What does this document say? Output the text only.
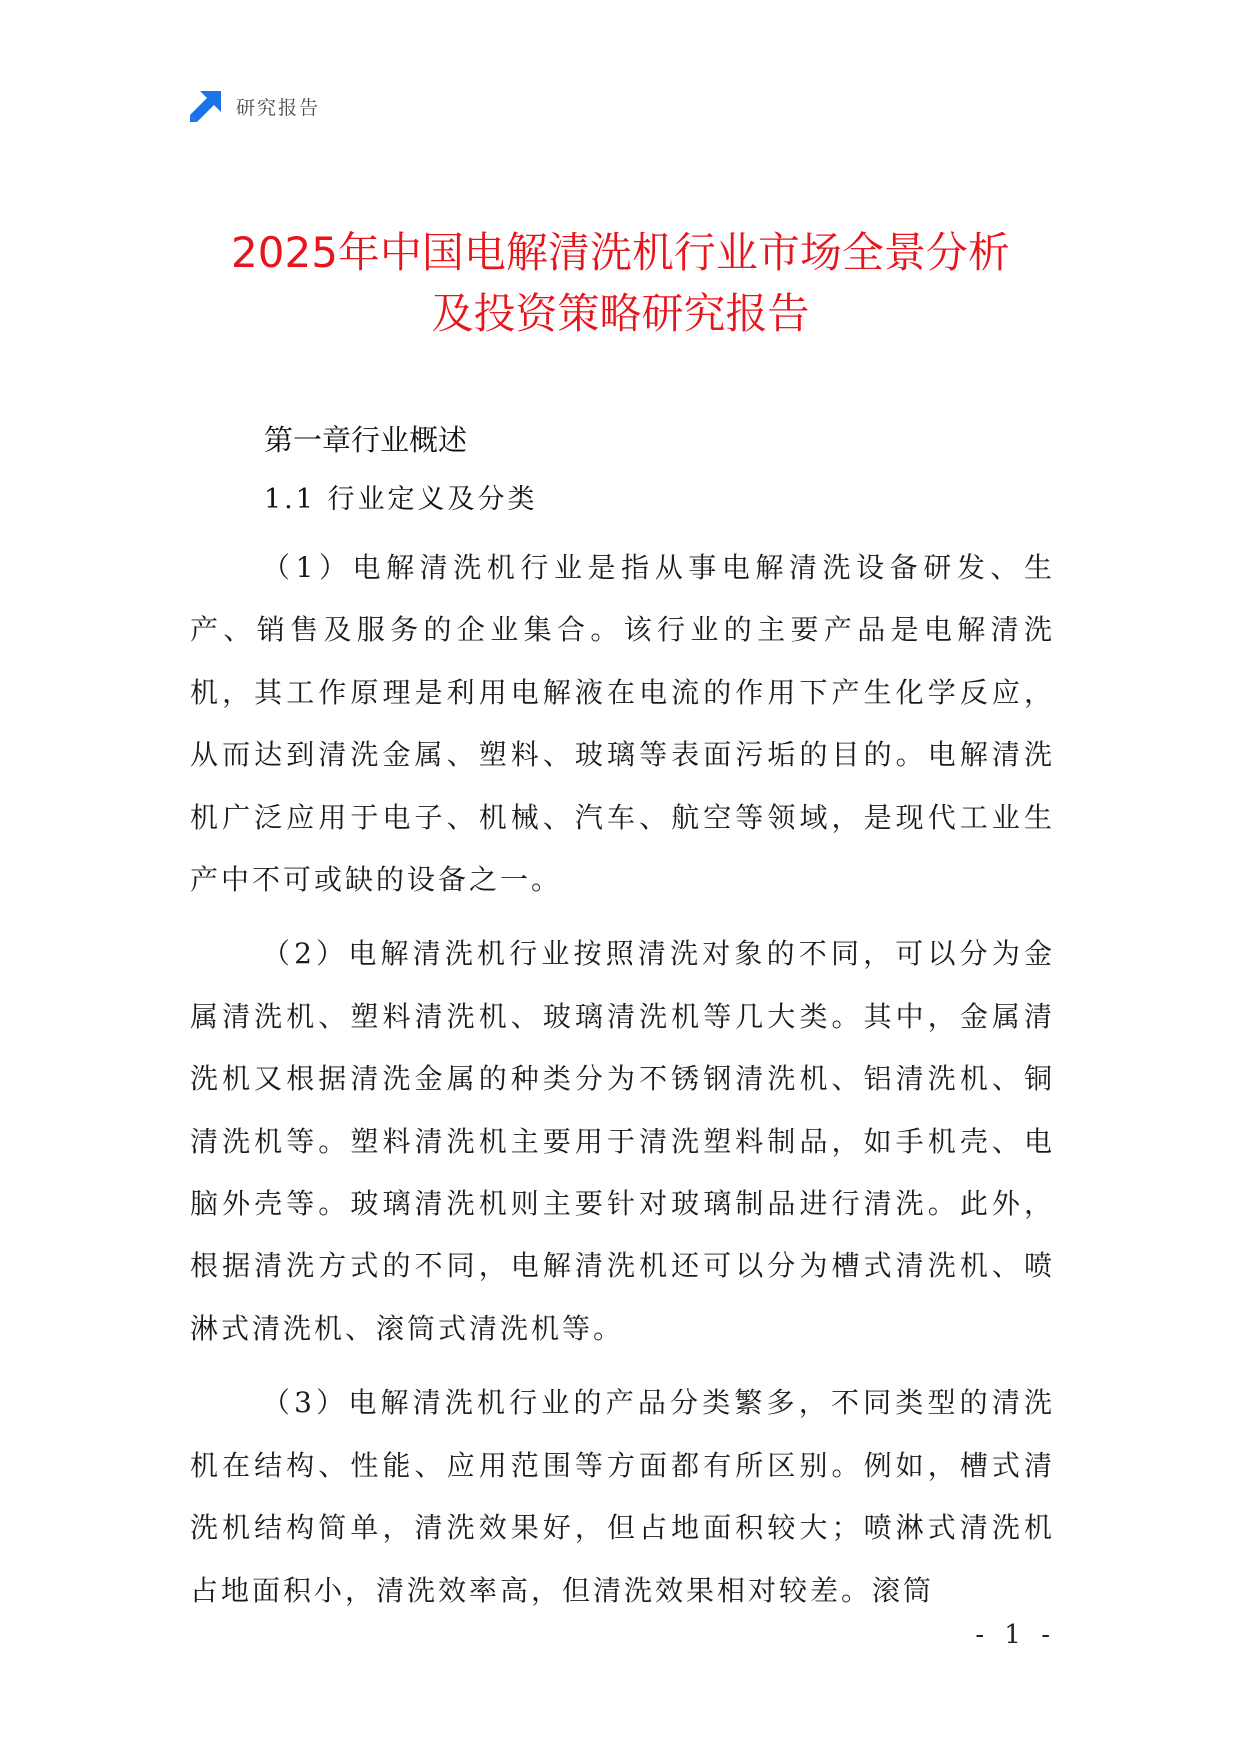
研究报告
2025年中国电解清洗机行业市场全景分析
及投资策略研究报告
第一章行业概述
1.1 行业定义及分类

（1）电解清洗机行业是指从事电解清洗设备研发、生产、销售及服务的企业集合。该行业的主要产品是电解清洗机，其工作原理是利用电解液在电流的作用下产生化学反应，从而达到清洗金属、塑料、玻璃等表面污垢的目的。电解清洗机广泛应用于电子、机械、汽车、航空等领域，是现代工业生产中不可或缺的设备之一。

（2）电解清洗机行业按照清洗对象的不同，可以分为金属清洗机、塑料清洗机、玻璃清洗机等几大类。其中，金属清洗机又根据清洗金属的种类分为不锈钢清洗机、铝清洗机、铜清洗机等。塑料清洗机主要用于清洗塑料制品，如手机壳、电脑外壳等。玻璃清洗机则主要针对玻璃制品进行清洗。此外，根据清洗方式的不同，电解清洗机还可以分为槽式清洗机、喷淋式清洗机、滚筒式清洗机等。

（3）电解清洗机行业的产品分类繁多，不同类型的清洗机在结构、性能、应用范围等方面都有所区别。例如，槽式清洗机结构简单，清洗效果好，但占地面积较大；喷淋式清洗机占地面积小，清洗效率高，但清洗效果相对较差。滚筒

- 1 -
